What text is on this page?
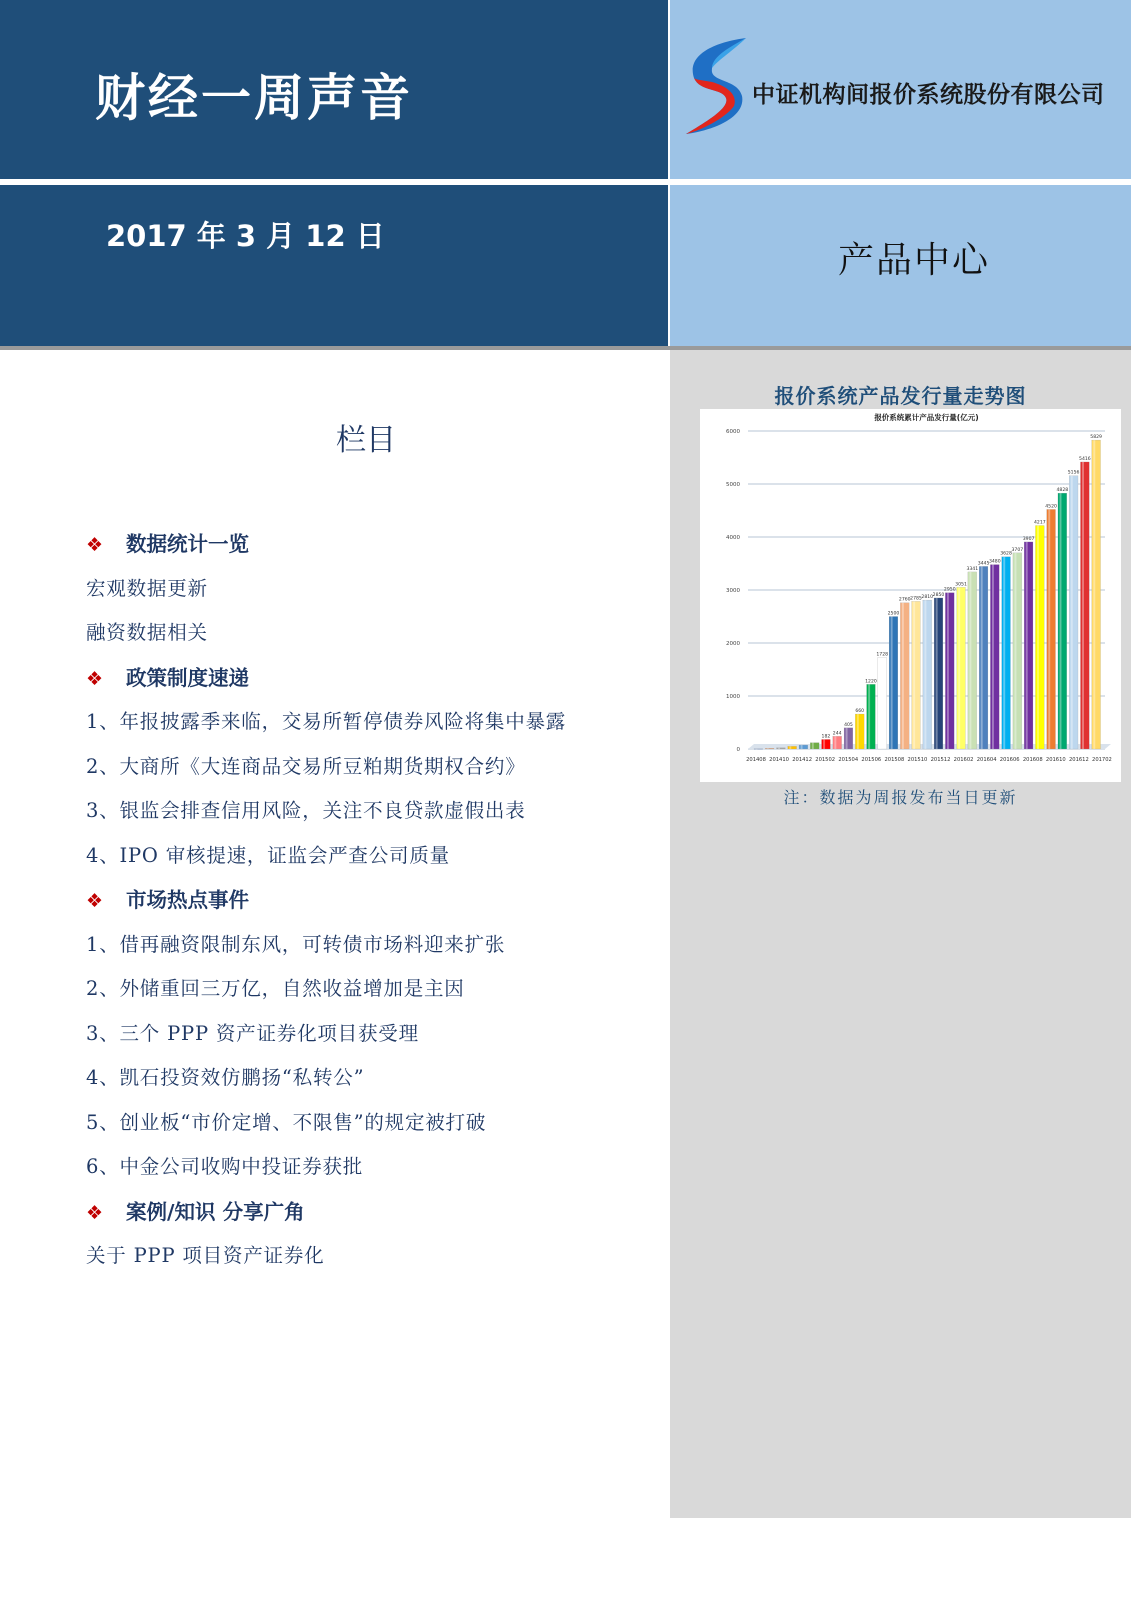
财经一周声音
2017 年 3 月 12 日
中证机构间报价系统股份有限公司
产品中心
报价系统产品发行量走势图
报价系统累计产品发行量(亿元)
0
1000
2000
3000
4000
5000
6000
182
244
405
660
1220
1728
2500
2760 2785 2810 2850
2950
3051
3341
3445 3480
3628
3707
3907
4217
4520
4828
5156
5416
5829
201408 201410 201412 201502 201504 201506 201508 201510 201512 201602 201604 201606 201608 201610 201612 201702
注：数据为周报发布当日更新
栏目
❖ 数据统计一览
宏观数据更新
融资数据相关
❖ 政策制度速递
1、年报披露季来临，交易所暂停债券风险将集中暴露
2、大商所《大连商品交易所豆粕期货期权合约》
3、银监会排查信用风险，关注不良贷款虚假出表
4、IPO 审核提速，证监会严查公司质量
❖ 市场热点事件
1、借再融资限制东风，可转债市场料迎来扩张
2、外储重回三万亿，自然收益增加是主因
3、三个 PPP 资产证券化项目获受理
4、凯石投资效仿鹏扬“私转公”
5、创业板“市价定增、不限售”的规定被打破
6、中金公司收购中投证券获批
❖ 案例/知识 分享广角
关于 PPP 项目资产证券化
